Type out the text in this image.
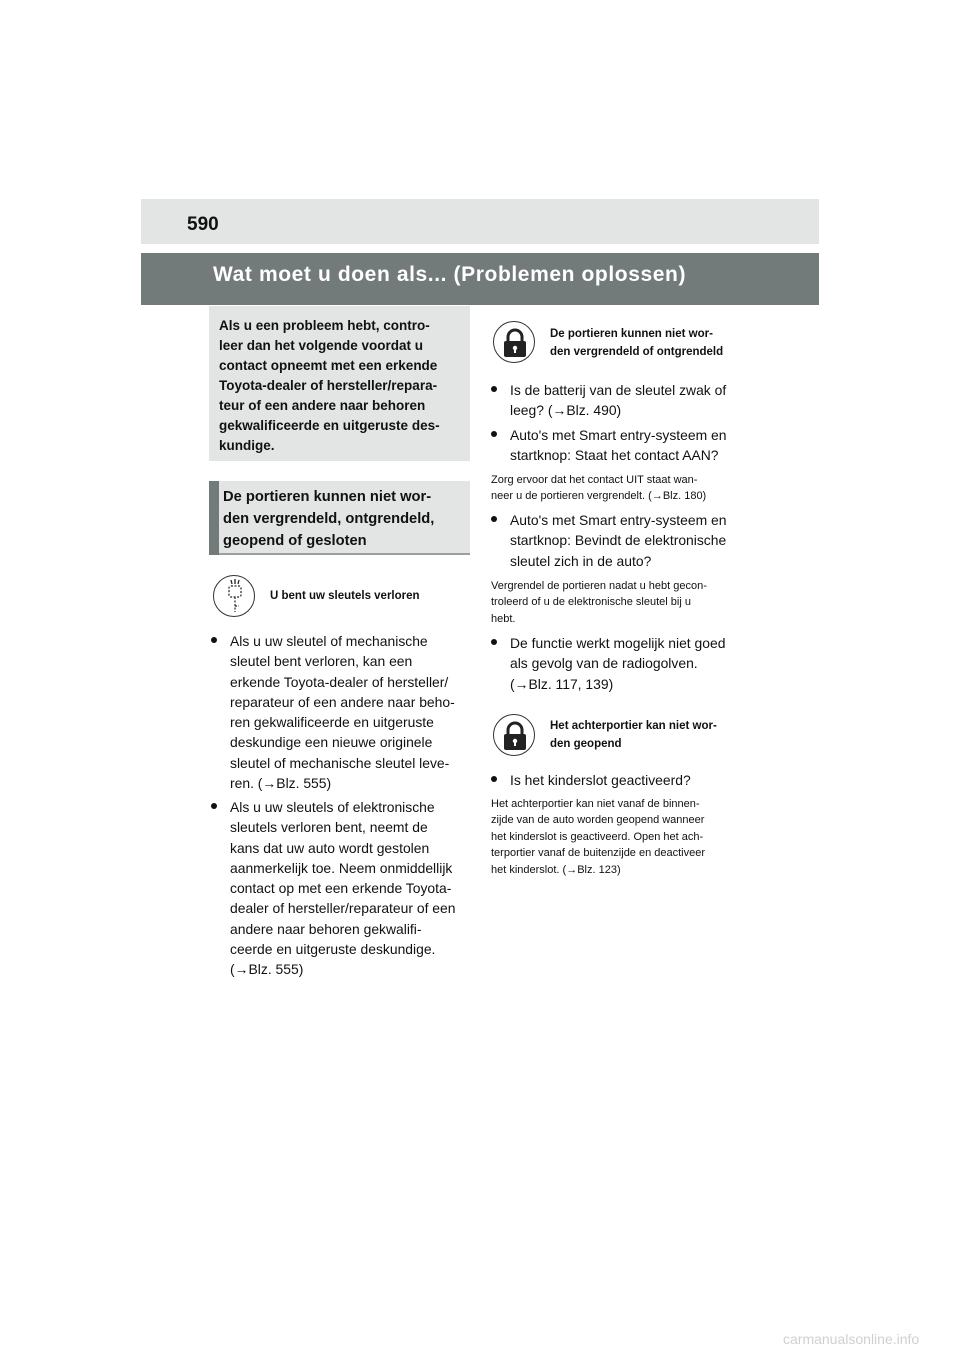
590
Wat moet u doen als... (Problemen oplossen)
Als u een probleem hebt, contro-
leer dan het volgende voordat u
contact opneemt met een erkende
Toyota-dealer of hersteller/repara-
teur of een andere naar behoren
gekwalificeerde en uitgeruste des-
kundige.
De portieren kunnen niet wor-
den vergrendeld, ontgrendeld,
geopend of gesloten
U bent uw sleutels verloren
Als u uw sleutel of mechanische
sleutel bent verloren, kan een
erkende Toyota-dealer of hersteller/
reparateur of een andere naar beho-
ren gekwalificeerde en uitgeruste
deskundige een nieuwe originele
sleutel of mechanische sleutel leve-
ren. (→Blz. 555)
Als u uw sleutels of elektronische
sleutels verloren bent, neemt de
kans dat uw auto wordt gestolen
aanmerkelijk toe. Neem onmiddellijk
contact op met een erkende Toyota-
dealer of hersteller/reparateur of een
andere naar behoren gekwalifi-
ceerde en uitgeruste deskundige.
(→Blz. 555)
De portieren kunnen niet wor-
den vergrendeld of ontgrendeld
Is de batterij van de sleutel zwak of
leeg? (→Blz. 490)
Auto's met Smart entry-systeem en
startknop: Staat het contact AAN?
Zorg ervoor dat het contact UIT staat wan-
neer u de portieren vergrendelt. (→Blz. 180)
Auto's met Smart entry-systeem en
startknop: Bevindt de elektronische
sleutel zich in de auto?
Vergrendel de portieren nadat u hebt gecon-
troleerd of u de elektronische sleutel bij u
hebt.
De functie werkt mogelijk niet goed
als gevolg van de radiogolven.
(→Blz. 117, 139)
Het achterportier kan niet wor-
den geopend
Is het kinderslot geactiveerd?
Het achterportier kan niet vanaf de binnen-
zijde van de auto worden geopend wanneer
het kinderslot is geactiveerd. Open het ach-
terportier vanaf de buitenzijde en deactiveer
het kinderslot. (→Blz. 123)
carmanualsonline.info
